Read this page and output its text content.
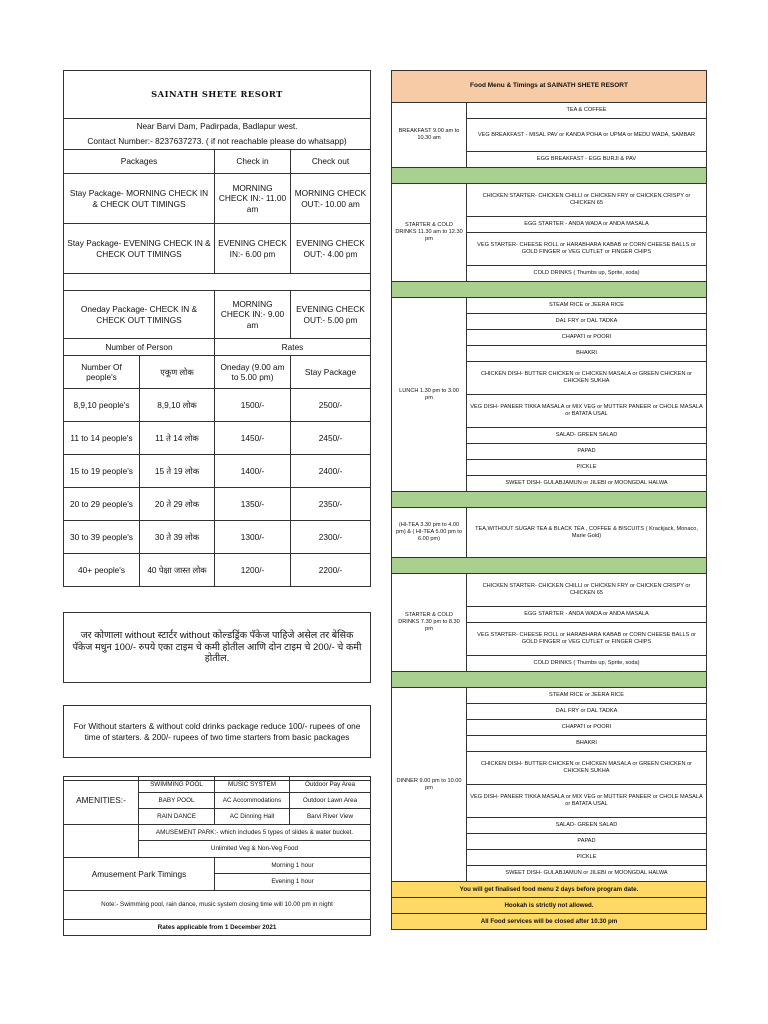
SAINATH SHETE RESORT			
Near Barvi Dam, Padirpada, Badlapur west.			
Contact Number:- 8237637273. ( if not reachable please do whatsapp)			
Packages		Check in	Check out
Stay Package- MORNING CHECK IN & CHECK OUT TIMINGS		MORNING CHECK IN:- 11.00 am	MORNING CHECK OUT:- 10.00 am
Stay Package- EVENING CHECK IN & CHECK OUT TIMINGS		EVENING CHECK IN:- 6.00 pm	EVENING CHECK OUT:- 4.00 pm

Oneday Package- CHECK IN & CHECK OUT TIMINGS		MORNING CHECK IN:- 9.00 am	EVENING CHECK OUT:- 5.00 pm
Number of Person		Rates	
Number Of people's	एकूण लोक	Oneday (9.00 am to 5.00 pm)	Stay Package
8,9,10 people's	8,9,10 लोक	1500/-	2500/-
11 to 14 people's	11 ते 14 लोक	1450/-	2450/-
15 to 19 people's	15 ते 19 लोक	1400/-	2400/-
20 to 29 people's	20 ते 29 लोक	1350/-	2350/-
30 to 39 people's	30 ते 39 लोक	1300/-	2300/-
40+ people's	40 पेक्षा जास्त लोक	1200/-	2200/-

जर कोणाला without स्टार्टर without कोल्डड्रिंक पॅकेज पाहिजे असेल तर बेसिक पॅकेज मधुन 100/- रुपये एका टाइम चे कमी होतील आणि दोन टाइम चे 200/- चे कमी होतील.			

For Without starters & without cold drinks package reduce 100/- rupees of one time of starters. & 200/- rupees of two time starters from basic packages			

AMENITIES:-	SWIMMING POOL	MUSIC SYSTEM	Outdoor Pay Area
	BABY POOL	AC Accommodations	Outdoor Lawn Area
	RAIN DANCE	AC Dinning Hall	Barvi River View
	AMUSEMENT PARK:- which includes 5 types of slides & water bucket.		
	Unlimited Veg & Non-Veg Food		
Amusement Park Timings		Morning 1 hour	
		Evening 1 hour	
Note:- Swimming pool, rain dance, music system closing time will 10.00 pm in night			
Rates applicable from 1 December 2021			
Food Menu & Timings at SAINATH SHETE RESORT	
BREAKFAST 9.00 am to 10.30 am	TEA & COFFEE
	VEG BREAKFAST - MISAL PAV or KANDA POHA or UPMA or MEDU WADA, SAMBAR
	EGG BREAKFAST - EGG BURJI & PAV

STARTER & COLD DRINKS 11.30 am to 12.30 pm	CHICKEN STARTER- CHICKEN CHILLI or CHICKEN FRY or CHICKEN CRISPY or CHICKEN 65
	EGG STARTER - ANDA WADA or ANDA MASALA
	VEG STARTER- CHEESE ROLL or HARABHARA KABAB or CORN CHEESE BALLS or GOLD FINGER or VEG CUTLET or FINGER CHIPS
	COLD DRINKS ( Thumbs up, Sprite, soda)

LUNCH 1.30 pm to 3.00 pm	STEAM RICE or JEERA RICE
	DAL FRY or DAL TADKA
	CHAPATI or POORI
	BHAKRI
	CHICKEN DISH- BUTTER CHICKEN or CHICKEN MASALA or GREEN CHICKEN or CHICKEN SUKHA
	VEG DISH- PANEER TIKKA MASALA or MIX VEG or MUTTER PANEER or CHOLE MASALA or BATATA USAL
	SALAD- GREEN SALAD
	PAPAD
	PICKLE
	SWEET DISH- GULABJAMUN or JILEBI or MOONGDAL HALWA

(HI-TEA 3.30 pm to 4.00 pm) & ( HI-TEA 5.00 pm to 6.00 pm)	TEA,WITHOUT SUGAR TEA & BLACK TEA , COFFEE & BISCUITS ( Krackjack, Monaco, Marie Gold)

STARTER & COLD DRINKS 7.30 pm to 8.30 pm	CHICKEN STARTER- CHICKEN CHILLI or CHICKEN FRY or CHICKEN CRISPY or CHICKEN 65
	EGG STARTER - ANDA WADA or ANDA MASALA
	VEG STARTER- CHEESE ROLL or HARABHARA KABAB or CORN CHEESE BALLS or GOLD FINGER or VEG CUTLET or FINGER CHIPS
	COLD DRINKS ( Thumbs up, Sprite, soda)

DINNER 9.00 pm to 10.00 pm	STEAM RICE or JEERA RICE
	DAL FRY or DAL TADKA
	CHAPATI or POORI
	BHAKRI
	CHICKEN DISH- BUTTER CHICKEN or CHICKEN MASALA or GREEN CHICKEN or CHICKEN SUKHA
	VEG DISH- PANEER TIKKA MASALA or MIX VEG or MUTTER PANEER or CHOLE MASALA or BATATA USAL
	SALAD- GREEN SALAD
	PAPAD
	PICKLE
	SWEET DISH- GULABJAMUN or JILEBI or MOONGDAL HALWA
You will get finalised food menu 2 days before program date.	
Hookah is strictly not allowed.	
All Food services will be closed after 10.30 pm	
